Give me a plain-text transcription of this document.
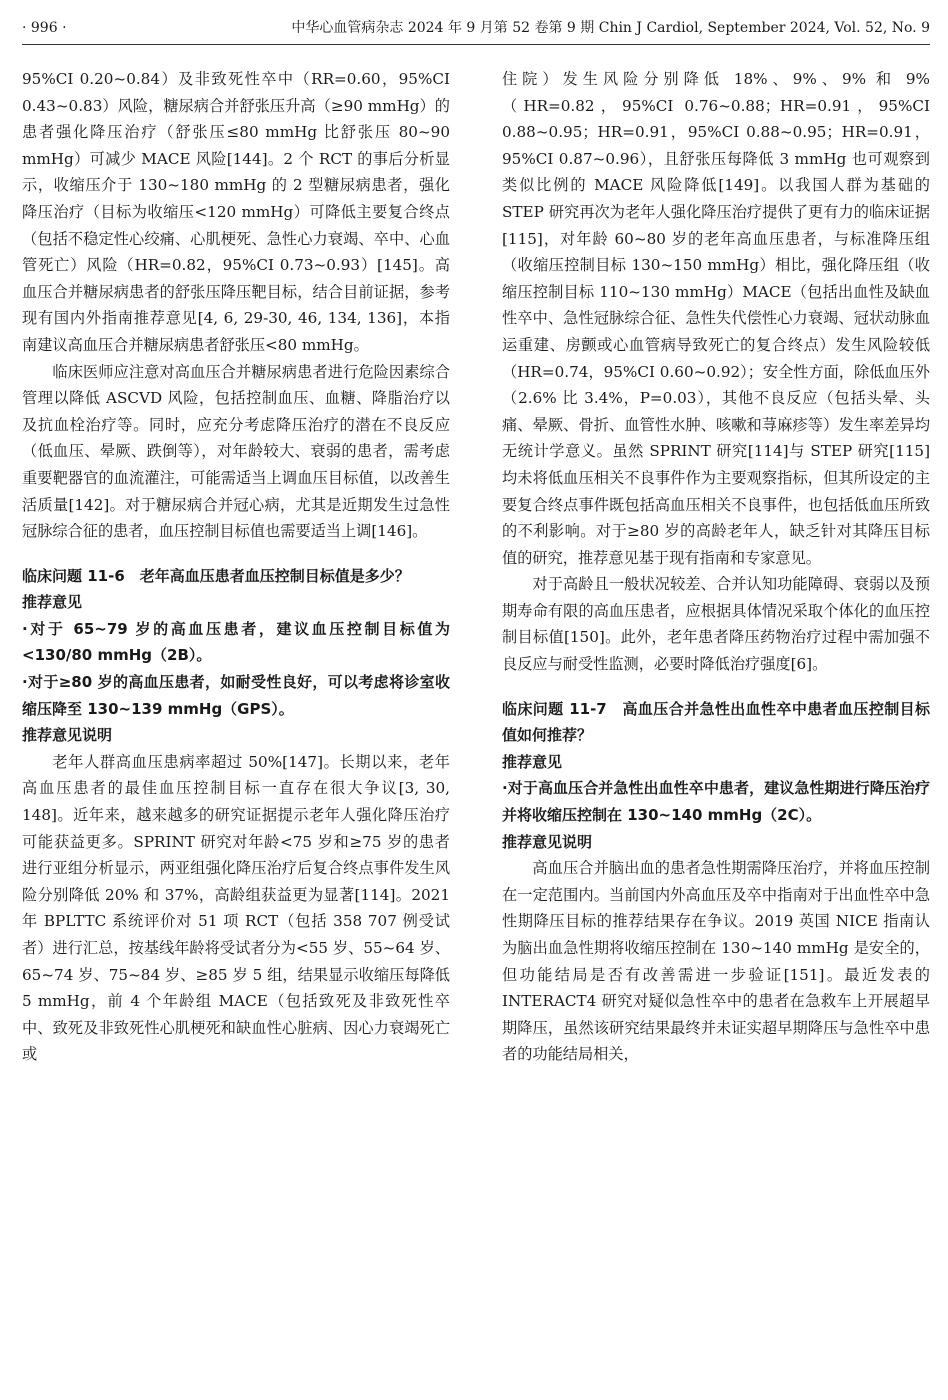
· 996 ·	中华心血管病杂志 2024 年 9 月第 52 卷第 9 期 Chin J Cardiol, September 2024, Vol. 52, No. 9

95%CI 0.20~0.84）及非致死性卒中（RR=0.60，95%CI 0.43~0.83）风险，糖尿病合并舒张压升高（≥90 mmHg）的患者强化降压治疗（舒张压≤80 mmHg 比舒张压 80~90 mmHg）可减少 MACE 风险[144]。2 个 RCT 的事后分析显示，收缩压介于 130~180 mmHg 的 2 型糖尿病患者，强化降压治疗（目标为收缩压<120 mmHg）可降低主要复合终点（包括不稳定性心绞痛、心肌梗死、急性心力衰竭、卒中、心血管死亡）风险（HR=0.82，95%CI 0.73~0.93）[145]。高血压合并糖尿病患者的舒张压降压靶目标，结合目前证据，参考现有国内外指南推荐意见[4, 6, 29-30, 46, 134, 136]，本指南建议高血压合并糖尿病患者舒张压<80 mmHg。

临床医师应注意对高血压合并糖尿病患者进行危险因素综合管理以降低 ASCVD 风险，包括控制血压、血糖、降脂治疗以及抗血栓治疗等。同时，应充分考虑降压治疗的潜在不良反应（低血压、晕厥、跌倒等），对年龄较大、衰弱的患者，需考虑重要靶器官的血流灌注，可能需适当上调血压目标值，以改善生活质量[142]。对于糖尿病合并冠心病，尤其是近期发生过急性冠脉综合征的患者，血压控制目标值也需要适当上调[146]。

临床问题 11-6　老年高血压患者血压控制目标值是多少？

推荐意见

·对于 65~79 岁的高血压患者，建议血压控制目标值为<130/80 mmHg（2B）。

·对于≥80 岁的高血压患者，如耐受性良好，可以考虑将诊室收缩压降至 130~139 mmHg（GPS）。

推荐意见说明

老年人群高血压患病率超过 50%[147]。长期以来，老年高血压患者的最佳血压控制目标一直存在很大争议[3, 30, 148]。近年来，越来越多的研究证据提示老年人强化降压治疗可能获益更多。SPRINT 研究对年龄<75 岁和≥75 岁的患者进行亚组分析显示，两亚组强化降压治疗后复合终点事件发生风险分别降低 20% 和 37%，高龄组获益更为显著[114]。2021 年 BPLTTC 系统评价对 51 项 RCT（包括 358 707 例受试者）进行汇总，按基线年龄将受试者分为<55 岁、55~64 岁、65~74 岁、75~84 岁、≥85 岁 5 组，结果显示收缩压每降低 5 mmHg，前 4 个年龄组 MACE（包括致死及非致死性卒中、致死及非致死性心肌梗死和缺血性心脏病、因心力衰竭死亡或

住院）发生风险分别降低 18%、9%、9% 和 9%（HR=0.82，95%CI 0.76~0.88；HR=0.91，95%CI 0.88~0.95；HR=0.91，95%CI 0.88~0.95；HR=0.91，95%CI 0.87~0.96），且舒张压每降低 3 mmHg 也可观察到类似比例的 MACE 风险降低[149]。以我国人群为基础的 STEP 研究再次为老年人强化降压治疗提供了更有力的临床证据[115]，对年龄 60~80 岁的老年高血压患者，与标准降压组（收缩压控制目标 130~150 mmHg）相比，强化降压组（收缩压控制目标 110~130 mmHg）MACE（包括出血性及缺血性卒中、急性冠脉综合征、急性失代偿性心力衰竭、冠状动脉血运重建、房颤或心血管病导致死亡的复合终点）发生风险较低（HR=0.74，95%CI 0.60~0.92）；安全性方面，除低血压外（2.6% 比 3.4%，P=0.03），其他不良反应（包括头晕、头痛、晕厥、骨折、血管性水肿、咳嗽和荨麻疹等）发生率差异均无统计学意义。虽然 SPRINT 研究[114]与 STEP 研究[115]均未将低血压相关不良事件作为主要观察指标，但其所设定的主要复合终点事件既包括高血压相关不良事件，也包括低血压所致的不利影响。对于≥80 岁的高龄老年人，缺乏针对其降压目标值的研究，推荐意见基于现有指南和专家意见。

对于高龄且一般状况较差、合并认知功能障碍、衰弱以及预期寿命有限的高血压患者，应根据具体情况采取个体化的血压控制目标值[150]。此外，老年患者降压药物治疗过程中需加强不良反应与耐受性监测，必要时降低治疗强度[6]。

临床问题 11-7　高血压合并急性出血性卒中患者血压控制目标值如何推荐？

推荐意见

·对于高血压合并急性出血性卒中患者，建议急性期进行降压治疗并将收缩压控制在 130~140 mmHg（2C）。

推荐意见说明

高血压合并脑出血的患者急性期需降压治疗，并将血压控制在一定范围内。当前国内外高血压及卒中指南对于出血性卒中急性期降压目标的推荐结果存在争议。2019 英国 NICE 指南认为脑出血急性期将收缩压控制在 130~140 mmHg 是安全的，但功能结局是否有改善需进一步验证[151]。最近发表的 INTERACT4 研究对疑似急性卒中的患者在急救车上开展超早期降压，虽然该研究结果最终并未证实超早期降压与急性卒中患者的功能结局相关，
